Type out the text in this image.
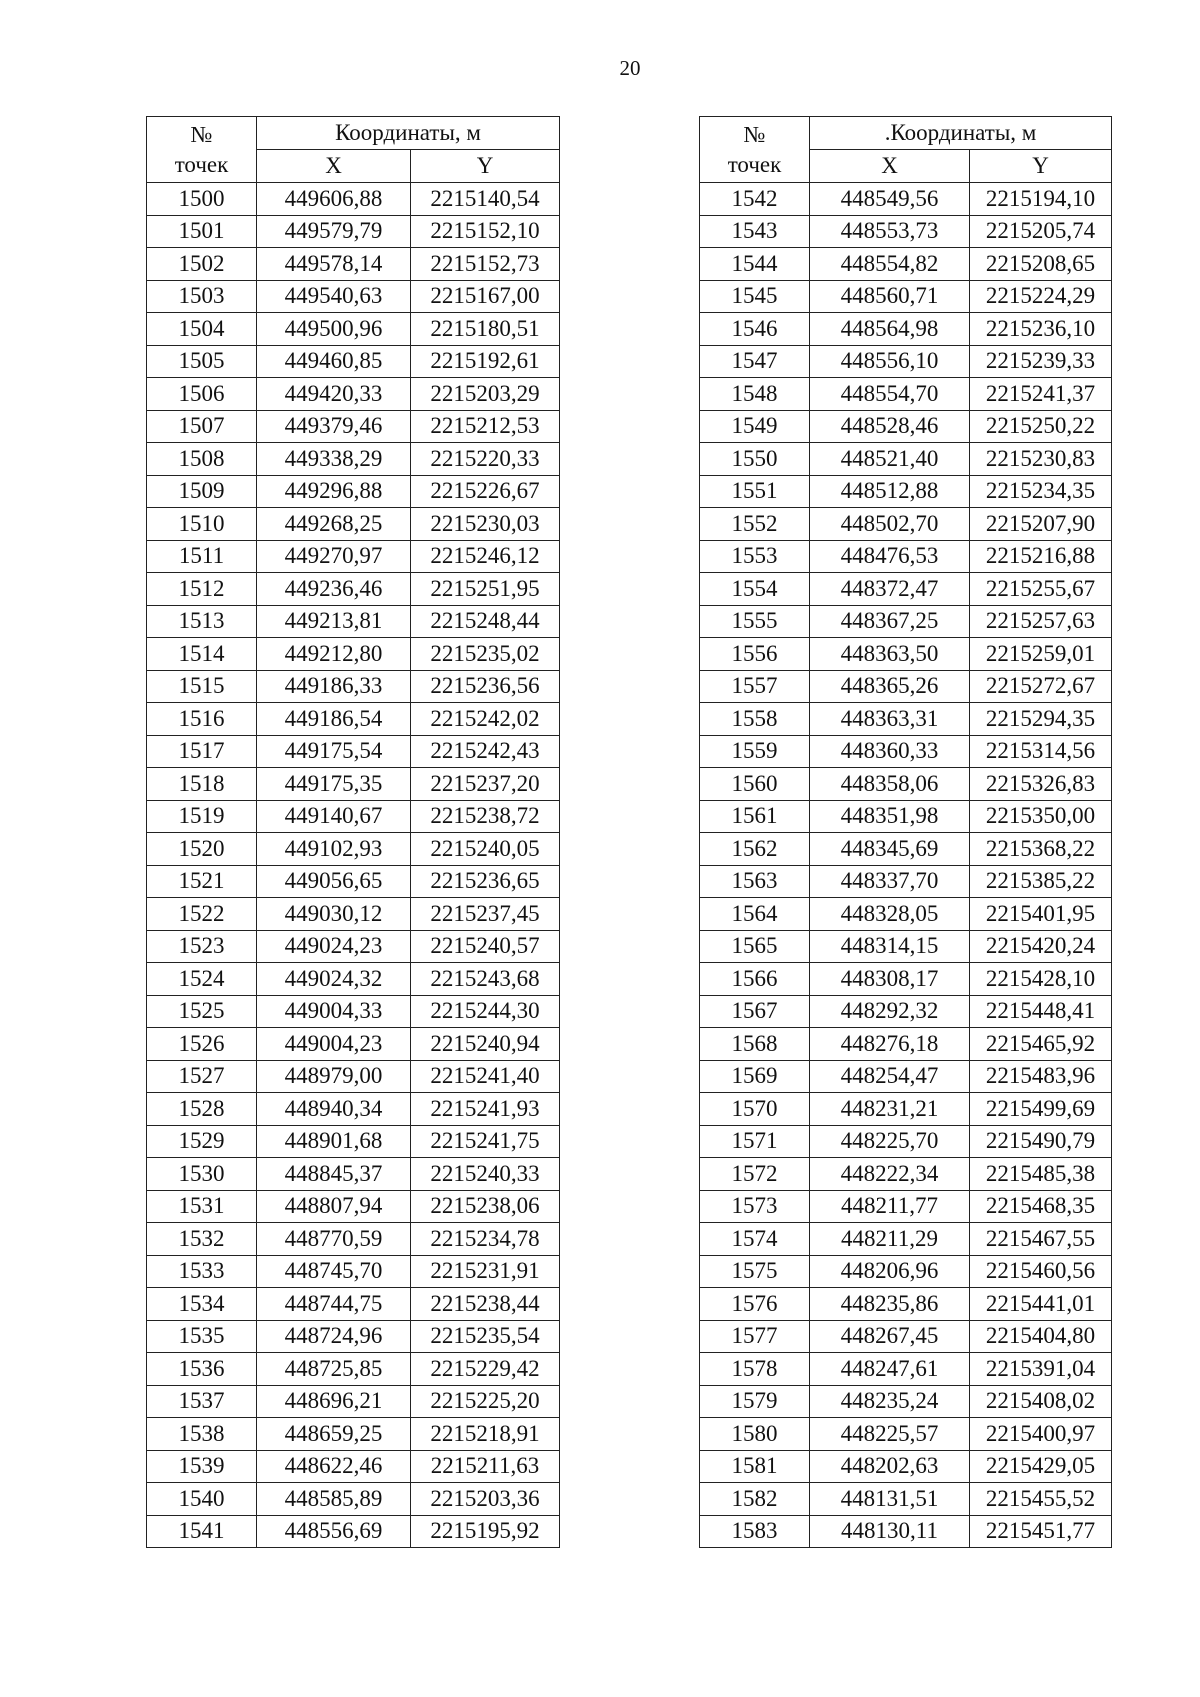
20
№
точек	Координаты, м	
	X	Y
1500	449606,88	2215140,54
1501	449579,79	2215152,10
1502	449578,14	2215152,73
1503	449540,63	2215167,00
1504	449500,96	2215180,51
1505	449460,85	2215192,61
1506	449420,33	2215203,29
1507	449379,46	2215212,53
1508	449338,29	2215220,33
1509	449296,88	2215226,67
1510	449268,25	2215230,03
1511	449270,97	2215246,12
1512	449236,46	2215251,95
1513	449213,81	2215248,44
1514	449212,80	2215235,02
1515	449186,33	2215236,56
1516	449186,54	2215242,02
1517	449175,54	2215242,43
1518	449175,35	2215237,20
1519	449140,67	2215238,72
1520	449102,93	2215240,05
1521	449056,65	2215236,65
1522	449030,12	2215237,45
1523	449024,23	2215240,57
1524	449024,32	2215243,68
1525	449004,33	2215244,30
1526	449004,23	2215240,94
1527	448979,00	2215241,40
1528	448940,34	2215241,93
1529	448901,68	2215241,75
1530	448845,37	2215240,33
1531	448807,94	2215238,06
1532	448770,59	2215234,78
1533	448745,70	2215231,91
1534	448744,75	2215238,44
1535	448724,96	2215235,54
1536	448725,85	2215229,42
1537	448696,21	2215225,20
1538	448659,25	2215218,91
1539	448622,46	2215211,63
1540	448585,89	2215203,36
1541	448556,69	2215195,92
№
точек	.Координаты, м	
	X	Y
1542	448549,56	2215194,10
1543	448553,73	2215205,74
1544	448554,82	2215208,65
1545	448560,71	2215224,29
1546	448564,98	2215236,10
1547	448556,10	2215239,33
1548	448554,70	2215241,37
1549	448528,46	2215250,22
1550	448521,40	2215230,83
1551	448512,88	2215234,35
1552	448502,70	2215207,90
1553	448476,53	2215216,88
1554	448372,47	2215255,67
1555	448367,25	2215257,63
1556	448363,50	2215259,01
1557	448365,26	2215272,67
1558	448363,31	2215294,35
1559	448360,33	2215314,56
1560	448358,06	2215326,83
1561	448351,98	2215350,00
1562	448345,69	2215368,22
1563	448337,70	2215385,22
1564	448328,05	2215401,95
1565	448314,15	2215420,24
1566	448308,17	2215428,10
1567	448292,32	2215448,41
1568	448276,18	2215465,92
1569	448254,47	2215483,96
1570	448231,21	2215499,69
1571	448225,70	2215490,79
1572	448222,34	2215485,38
1573	448211,77	2215468,35
1574	448211,29	2215467,55
1575	448206,96	2215460,56
1576	448235,86	2215441,01
1577	448267,45	2215404,80
1578	448247,61	2215391,04
1579	448235,24	2215408,02
1580	448225,57	2215400,97
1581	448202,63	2215429,05
1582	448131,51	2215455,52
1583	448130,11	2215451,77
